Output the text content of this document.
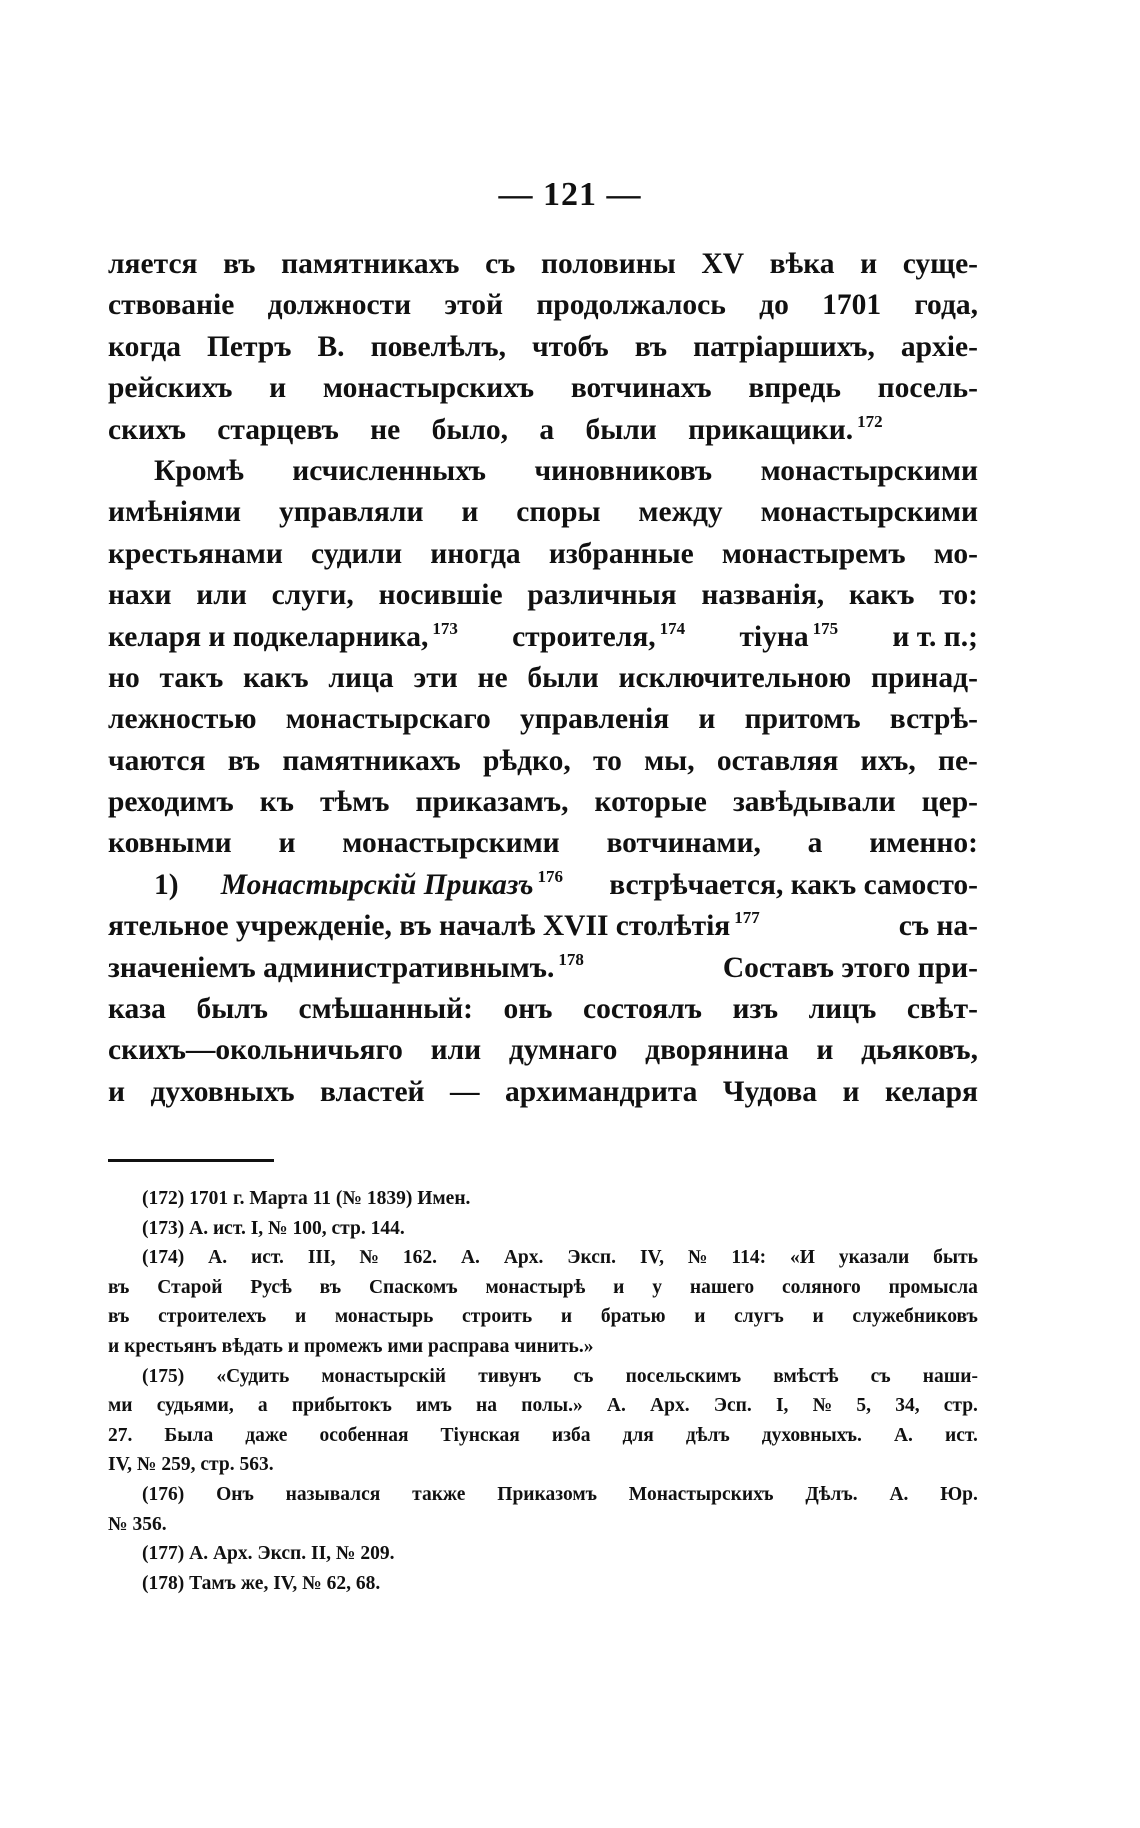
— 121 —
ляется въ памятникахъ съ половины XV вѣка и суще-
ствованіе должности этой продолжалось до 1701 года,
когда Петръ В. повелѣлъ, чтобъ въ патріаршихъ, архіе-
рейскихъ и монастырскихъ вотчинахъ впредь посель-
скихъ старцевъ не было, а были прикащики. $^{172}$
Кромѣ исчисленныхъ чиновниковъ монастырскими
имѣніями управляли и споры между монастырскими
крестьянами судили иногда избранные монастыремъ мо-
нахи или слуги, носившіе различныя названія, какъ то:
келаря и подкеларника, $^{173}$ строителя, $^{174}$ тіуна $^{175}$ и т. п.;
но такъ какъ лица эти не были исключительною принад-
лежностью монастырскаго управленія и притомъ встрѣ-
чаются въ памятникахъ рѣдко, то мы, оставляя ихъ, пе-
реходимъ къ тѣмъ приказамъ, которые завѣдывали цер-
ковными и монастырскими вотчинами, а именно:
1) Монастырскій Приказъ $^{176}$ встрѣчается, какъ самосто-
ятельное учрежденіе, въ началѣ XVII столѣтія $^{177}$	съ на-
значеніемъ административнымъ. $^{178}$	Составъ этого при-
каза былъ смѣшанный: онъ состоялъ изъ лицъ свѣт-
скихъ—окольничьяго или думнаго дворянина и дьяковъ,
и духовныхъ властей — архимандрита Чудова и келаря
(172) 1701 г. Марта 11 (№ 1839) Имен.
(173) А. ист. I, № 100, стр. 144.
(174) А. ист. III, № 162. А. Арх. Эксп. IV, № 114: «И указали быть
въ Старой Русѣ въ Спаскомъ монастырѣ и у нашего соляного промысла
въ строителехъ и монастырь строить и братью и слугъ и служебниковъ
и крестьянъ вѣдать и промежъ ими расправа чинить.»
(175) «Судить монастырскій тивунъ съ посельскимъ вмѣстѣ съ наши-
ми судьями, а прибытокъ имъ на полы.» А. Арх. Эсп. I, № 5, 34, стр.
27. Была даже особенная Тіунская изба для дѣлъ духовныхъ. А. ист.
IV, № 259, стр. 563.
(176) Онъ назывался также Приказомъ Монастырскихъ Дѣлъ. А. Юр.
№ 356.
(177) А. Арх. Эксп. II, № 209.
(178) Тамъ же, IV, № 62, 68.
